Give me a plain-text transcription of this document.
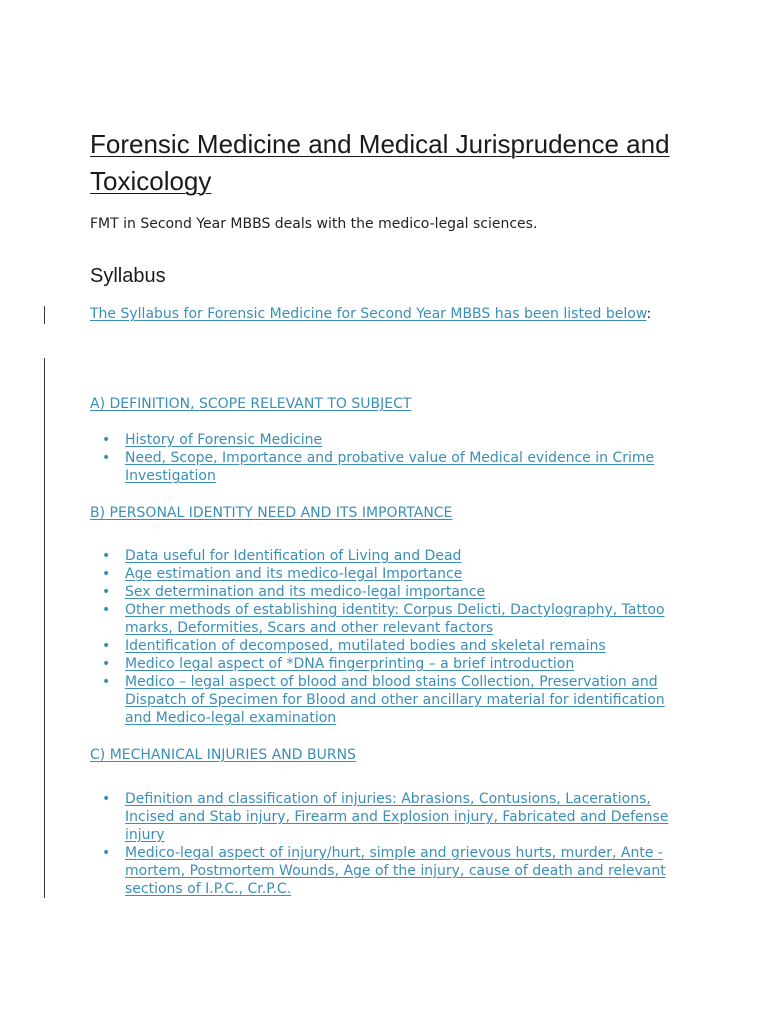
Forensic Medicine and Medical Jurisprudence and Toxicology

FMT in Second Year MBBS deals with the medico-legal sciences.

Syllabus

The Syllabus for Forensic Medicine for Second Year MBBS has been listed below:

A) DEFINITION, SCOPE RELEVANT TO SUBJECT

• History of Forensic Medicine
• Need, Scope, Importance and probative value of Medical evidence in Crime Investigation

B) PERSONAL IDENTITY NEED AND ITS IMPORTANCE

• Data useful for Identification of Living and Dead
• Age estimation and its medico-legal Importance
• Sex determination and its medico-legal importance
• Other methods of establishing identity: Corpus Delicti, Dactylography, Tattoo marks, Deformities, Scars and other relevant factors
• Identification of decomposed, mutilated bodies and skeletal remains
• Medico legal aspect of *DNA fingerprinting – a brief introduction
• Medico – legal aspect of blood and blood stains Collection, Preservation and Dispatch of Specimen for Blood and other ancillary material for identification and Medico-legal examination

C) MECHANICAL INJURIES AND BURNS

• Definition and classification of injuries: Abrasions, Contusions, Lacerations, Incised and Stab injury, Firearm and Explosion injury, Fabricated and Defense injury
• Medico-legal aspect of injury/hurt, simple and grievous hurts, murder, Ante -mortem, Postmortem Wounds, Age of the injury, cause of death and relevant sections of I.P.C., Cr.P.C.
